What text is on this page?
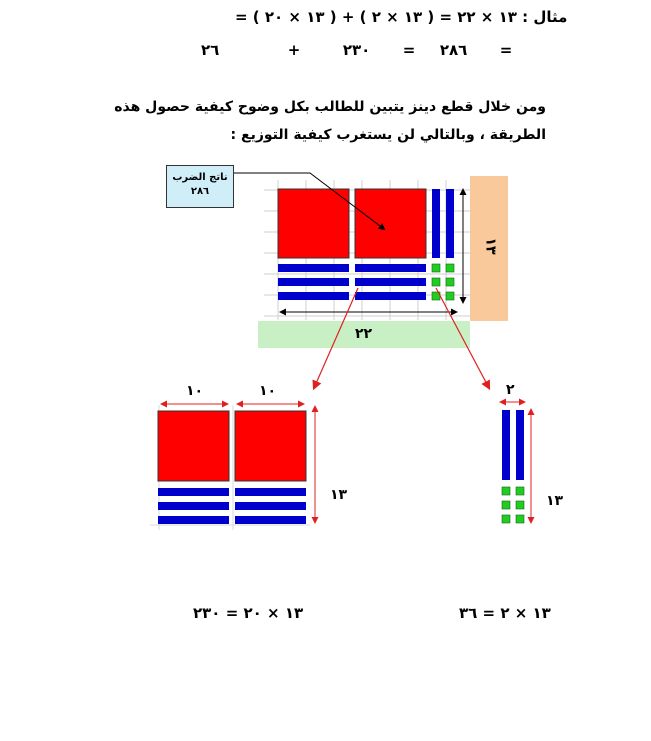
مثال : ١٣ × ٢٢ = ( ١٣ × ٢ ) + ( ١٣ × ٢٠ ) =
٢٨٦  =  ٢٣٠  +  ٢٦	=
ومن خلال قطع دينز يتبين للطالب بكل وضوح كيفية حصول هذه
الطريقة ، وبالتالي لن يستغرب كيفية التوزيع :
ناتج الضرب
٢٨٦
١٣
٢٢
١٠	١٠
١٣
٢
١٣
١٣ × ٢٠ = ٢٣٠	١٣ × ٢ = ٣٦
